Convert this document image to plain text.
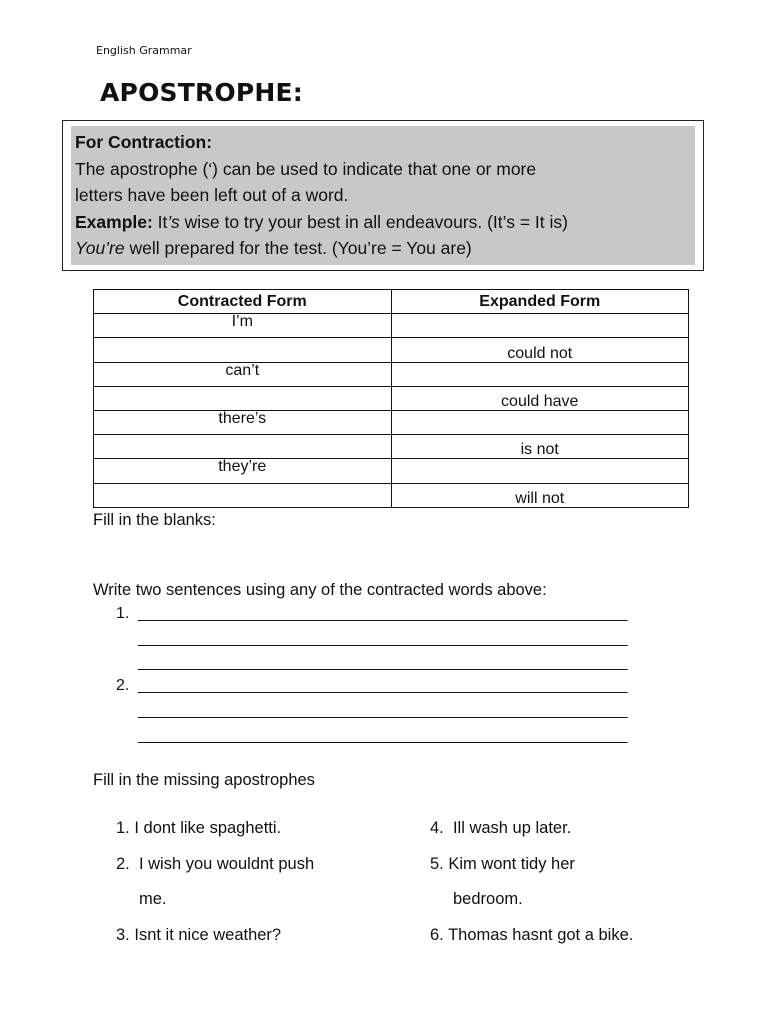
English Grammar
APOSTROPHE:
For Contraction:
The apostrophe (‘) can be used to indicate that one or more
letters have been left out of a word.
Example: It’s wise to try your best in all endeavours. (It’s = It is)
You’re well prepared for the test. (You’re = You are)
Contracted Form	Expanded Form
I’m	
	could not
can’t	
	could have
there’s	
	is not
they’re	
	will not
Fill in the blanks:
Write two sentences using any of the contracted words above:
1. _______________________________________________________
_______________________________________________________
_______________________________________________________
2. _______________________________________________________
_______________________________________________________
_______________________________________________________
Fill in the missing apostrophes
1. I dont like spaghetti.
2. I wish you wouldnt push
me.
3. Isnt it nice weather?
4. Ill wash up later.
5. Kim wont tidy her
bedroom.
6. Thomas hasnt got a bike.
